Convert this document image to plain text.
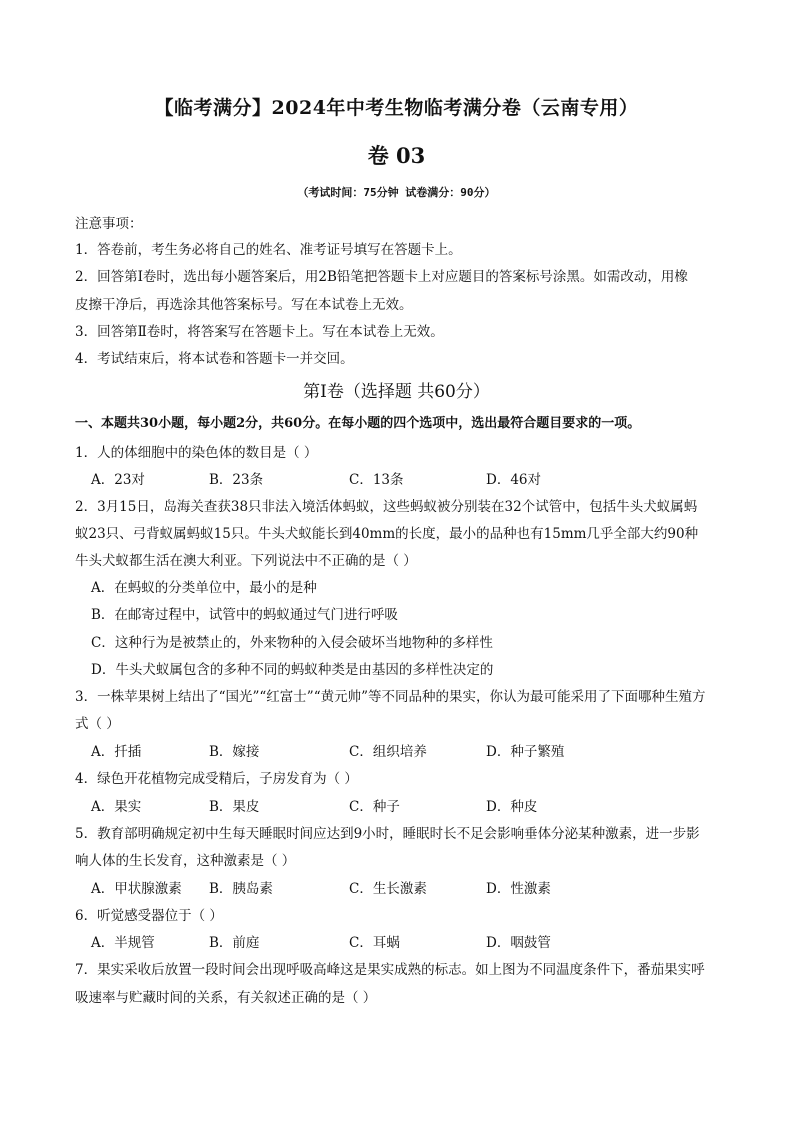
【临考满分】2024年中考生物临考满分卷（云南专用）
卷 03
（考试时间：75分钟 试卷满分：90分）
注意事项：
1．答卷前，考生务必将自己的姓名、准考证号填写在答题卡上。
2．回答第Ⅰ卷时，选出每小题答案后，用2B铅笔把答题卡上对应题目的答案标号涂黑。如需改动，用橡
皮擦干净后，再选涂其他答案标号。写在本试卷上无效。
3．回答第Ⅱ卷时，将答案写在答题卡上。写在本试卷上无效。
4．考试结束后，将本试卷和答题卡一并交回。
第Ⅰ卷（选择题 共60分）
一、本题共30小题，每小题2分，共60分。在每小题的四个选项中，选出最符合题目要求的一项。
1．人的体细胞中的染色体的数目是（ ）
A．23对	B．23条	C．13条	D．46对
2．3月15日，岛海关查获38只非法入境活体蚂蚁，这些蚂蚁被分别装在32个试管中，包括牛头犬蚁属蚂
蚁23只、弓背蚁属蚂蚁15只。牛头犬蚁能长到40mm的长度，最小的品种也有15mm几乎全部大约90种
牛头犬蚁都生活在澳大利亚。下列说法中不正确的是（ ）
A．在蚂蚁的分类单位中，最小的是种
B．在邮寄过程中，试管中的蚂蚁通过气门进行呼吸
C．这种行为是被禁止的，外来物种的入侵会破坏当地物种的多样性
D．牛头犬蚁属包含的多种不同的蚂蚁种类是由基因的多样性决定的
3．一株苹果树上结出了“国光”“红富士”“黄元帅”等不同品种的果实，你认为最可能采用了下面哪种生殖方
式（ ）
A．扦插	B．嫁接	C．组织培养	D．种子繁殖
4．绿色开花植物完成受精后，子房发育为（ ）
A．果实	B．果皮	C．种子	D．种皮
5．教育部明确规定初中生每天睡眠时间应达到9小时，睡眠时长不足会影响垂体分泌某种激素，进一步影
响人体的生长发育，这种激素是（ ）
A．甲状腺激素 B．胰岛素	C．生长激素	D．性激素
6．听觉感受器位于（ ）
A．半规管	B．前庭	C．耳蜗	D．咽鼓管
7．果实采收后放置一段时间会出现呼吸高峰这是果实成熟的标志。如上图为不同温度条件下，番茄果实呼
吸速率与贮藏时间的关系，有关叙述正确的是（ ）
